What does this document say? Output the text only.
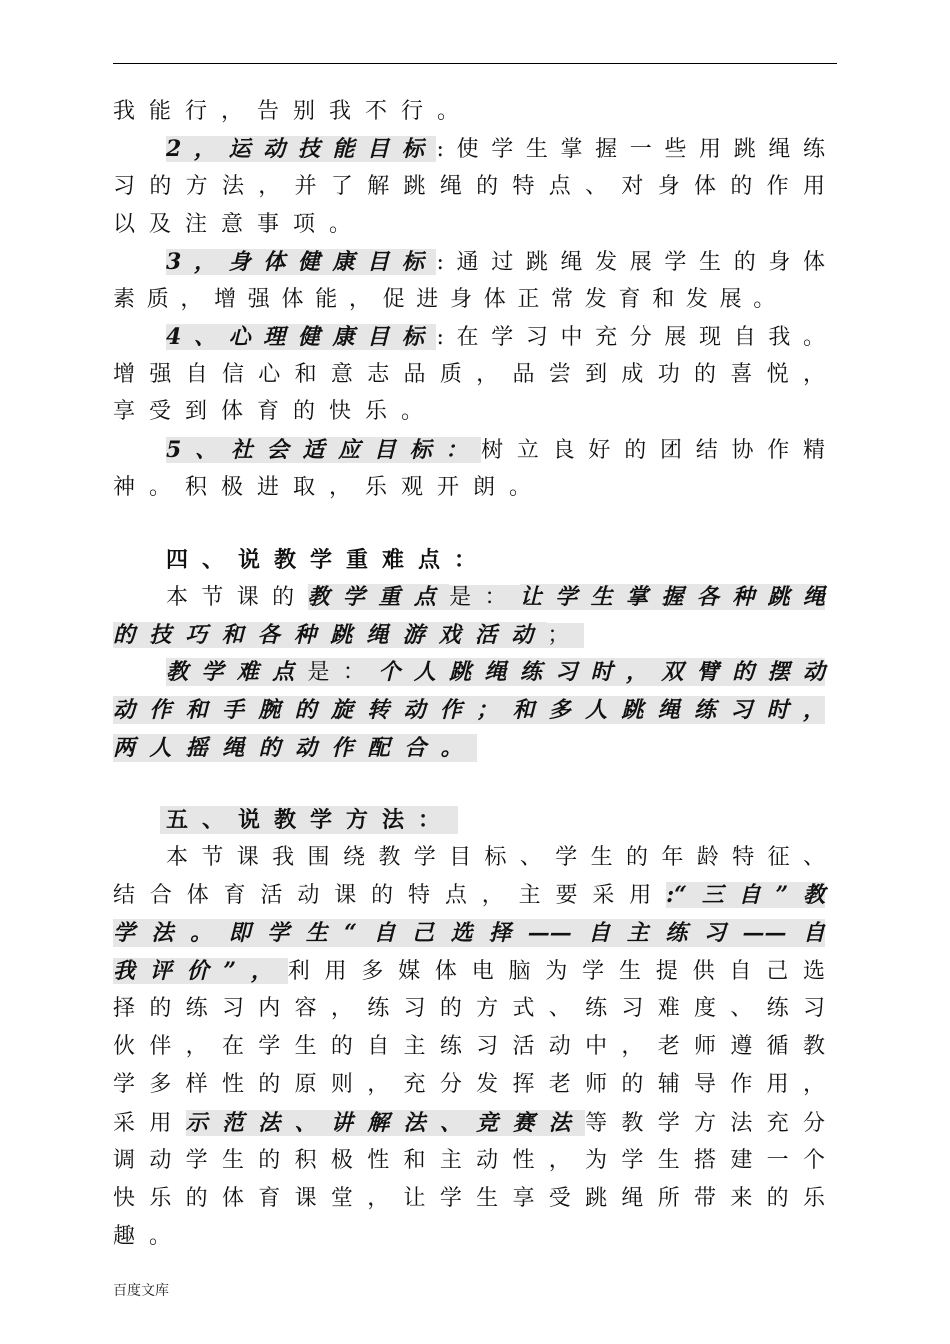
我能行，告别我不行。
2，运动技能目标:使学生掌握一些用跳绳练
习的方法，并了解跳绳的特点、对身体的作用
以及注意事项。
3，身体健康目标:通过跳绳发展学生的身体
素质，增强体能，促进身体正常发育和发展。
4、心理健康目标:在学习中充分展现自我。
增强自信心和意志品质，品尝到成功的喜悦，
享受到体育的快乐。
5、社会适应目标：树立良好的团结协作精
神。积极进取，乐观开朗。
四、说教学重难点：
本节课的教学重点是：让学生掌握各种跳绳
的技巧和各种跳绳游戏活动；
教学难点是：个人跳绳练习时，双臂的摆动
动作和手腕的旋转动作；和多人跳绳练习时，
两人摇绳的动作配合。
五、说教学方法：
本节课我围绕教学目标、学生的年龄特征、
结合体育活动课的特点，主要采用:“三自”教
学法。即学生“自己选择——自主练习——自
我评价”，利用多媒体电脑为学生提供自己选
择的练习内容，练习的方式、练习难度、练习
伙伴，在学生的自主练习活动中，老师遵循教
学多样性的原则，充分发挥老师的辅导作用，
采用示范法、讲解法、竞赛法等教学方法充分
调动学生的积极性和主动性，为学生搭建一个
快乐的体育课堂，让学生享受跳绳所带来的乐
趣。
百度文库
